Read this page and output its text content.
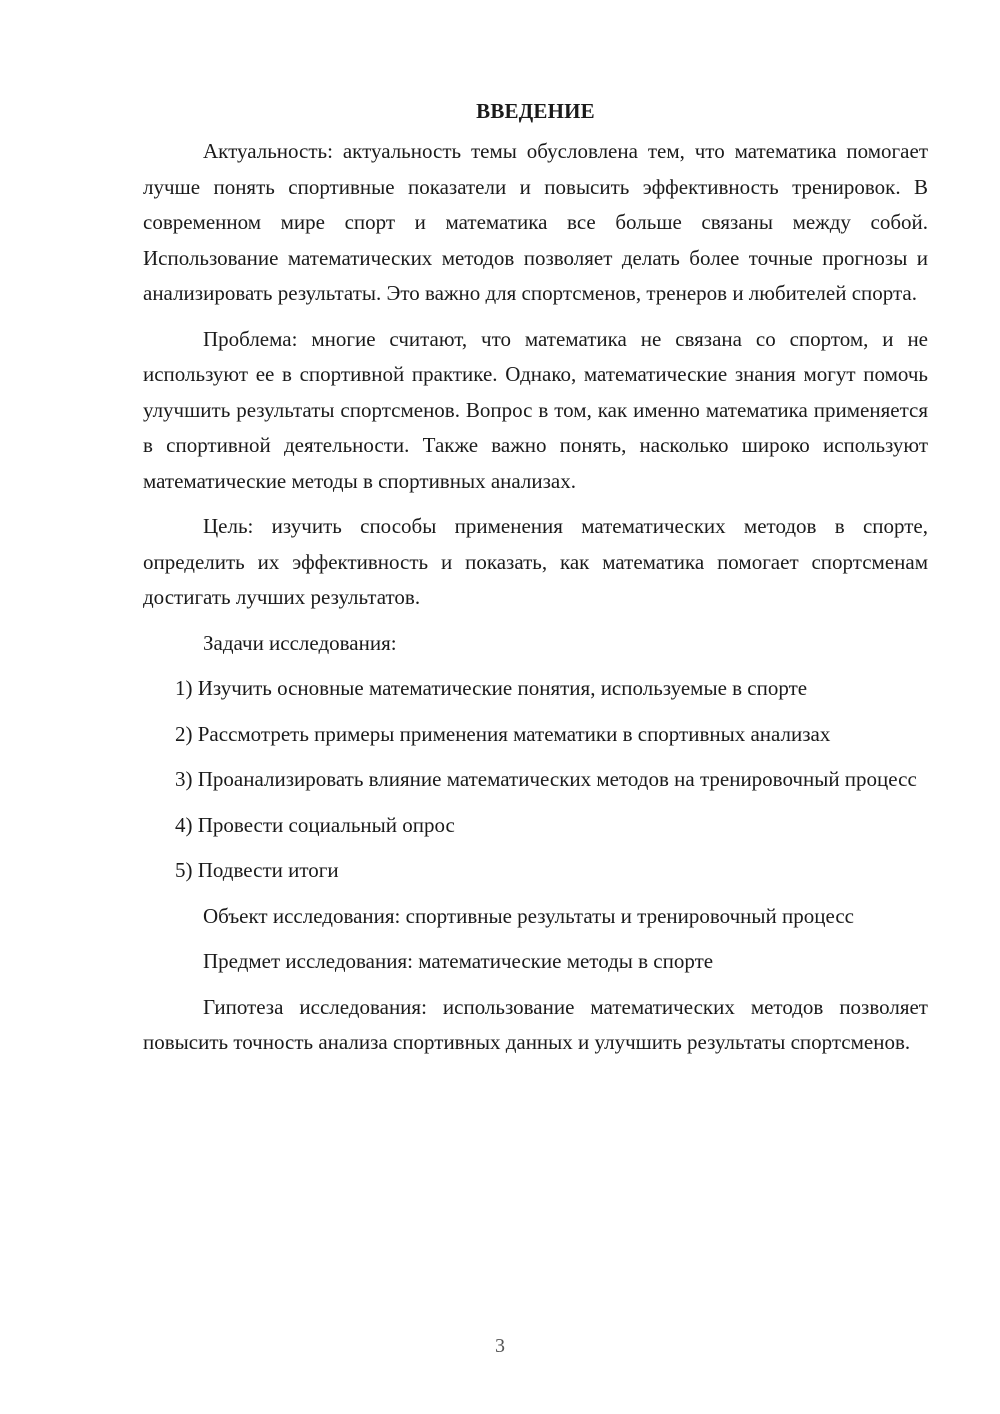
ВВЕДЕНИЕ

Актуальность: актуальность темы обусловлена тем, что математика помогает лучше понять спортивные показатели и повысить эффективность тренировок. В современном мире спорт и математика все больше связаны между собой. Использование математических методов позволяет делать более точные прогнозы и анализировать результаты. Это важно для спортсменов, тренеров и любителей спорта.

Проблема: многие считают, что математика не связана со спортом, и не используют ее в спортивной практике. Однако, математические знания могут помочь улучшить результаты спортсменов. Вопрос в том, как именно математика применяется в спортивной деятельности. Также важно понять, насколько широко используют математические методы в спортивных анализах.

Цель: изучить способы применения математических методов в спорте, определить их эффективность и показать, как математика помогает спортсменам достигать лучших результатов.

Задачи исследования:

1) Изучить основные математические понятия, используемые в спорте

2) Рассмотреть примеры применения математики в спортивных анализах

3) Проанализировать влияние математических методов на тренировочный процесс

4) Провести социальный опрос

5) Подвести итоги

Объект исследования: спортивные результаты и тренировочный процесс

Предмет исследования: математические методы в спорте

Гипотеза исследования: использование математических методов позволяет повысить точность анализа спортивных данных и улучшить результаты спортсменов.

3
